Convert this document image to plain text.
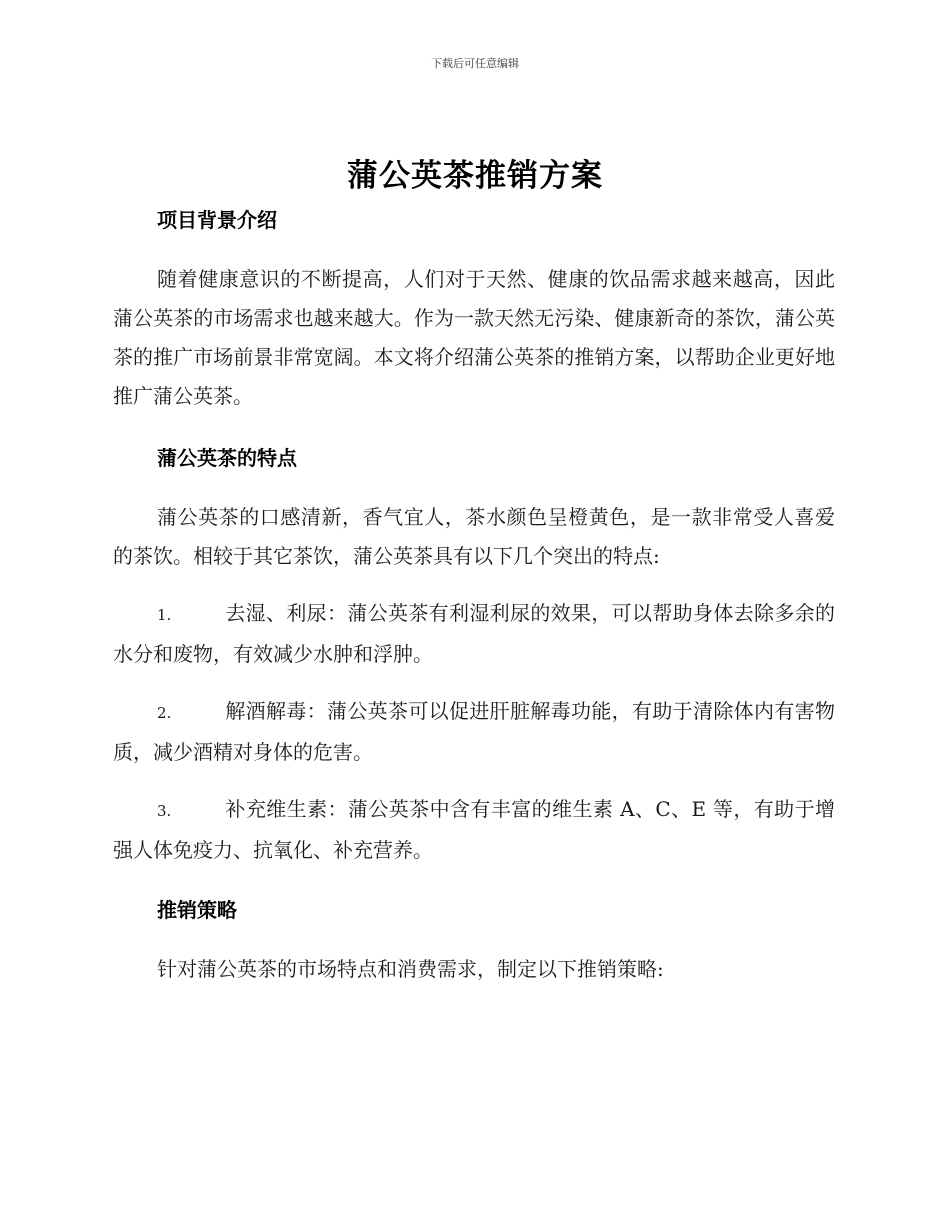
下载后可任意编辑
蒲公英茶推销方案
项目背景介绍

随着健康意识的不断提高，人们对于天然、健康的饮品需求越来越高，因此蒲公英茶的市场需求也越来越大。作为一款天然无污染、健康新奇的茶饮，蒲公英茶的推广市场前景非常宽阔。本文将介绍蒲公英茶的推销方案，以帮助企业更好地推广蒲公英茶。

蒲公英茶的特点

蒲公英茶的口感清新，香气宜人，茶水颜色呈橙黄色，是一款非常受人喜爱的茶饮。相较于其它茶饮，蒲公英茶具有以下几个突出的特点:

1.	去湿、利尿：蒲公英茶有利湿利尿的效果，可以帮助身体去除多余的水分和废物，有效减少水肿和浮肿。

2.	解酒解毒：蒲公英茶可以促进肝脏解毒功能，有助于清除体内有害物质，减少酒精对身体的危害。

3.	补充维生素：蒲公英茶中含有丰富的维生素 A、C、E 等，有助于增强人体免疫力、抗氧化、补充营养。

推销策略

针对蒲公英茶的市场特点和消费需求，制定以下推销策略:
